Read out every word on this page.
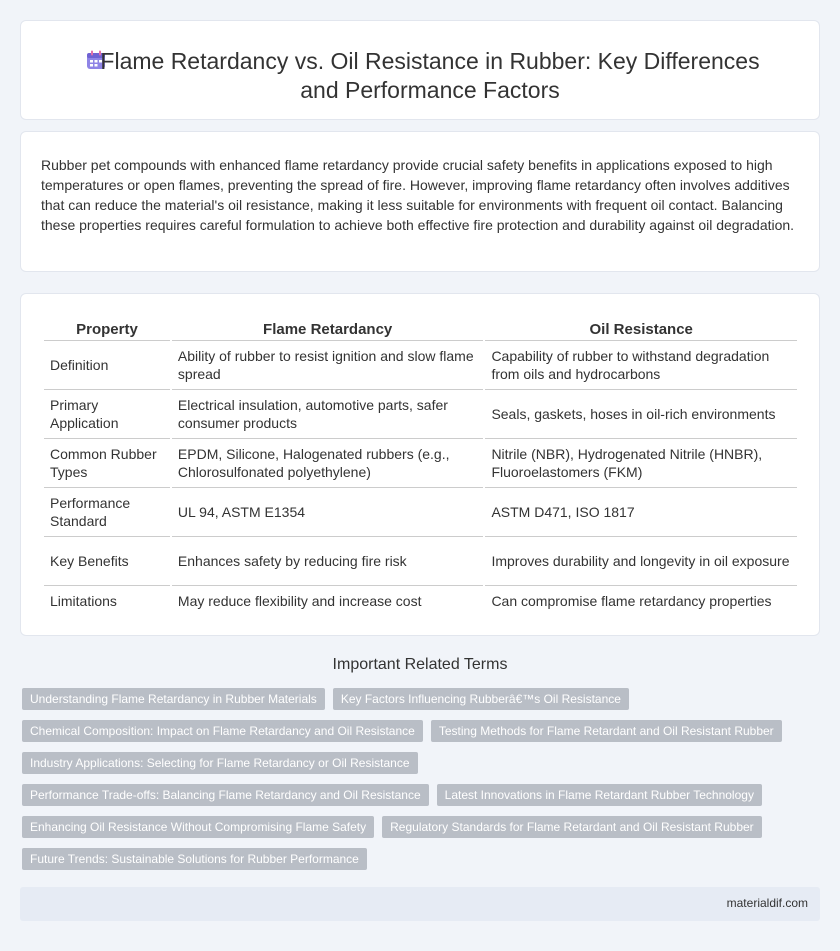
Flame Retardancy vs. Oil Resistance in Rubber: Key Differences and Performance Factors

Rubber pet compounds with enhanced flame retardancy provide crucial safety benefits in applications exposed to high temperatures or open flames, preventing the spread of fire. However, improving flame retardancy often involves additives that can reduce the material's oil resistance, making it less suitable for environments with frequent oil contact. Balancing these properties requires careful formulation to achieve both effective fire protection and durability against oil degradation.

Property	Flame Retardancy	Oil Resistance
Definition	Ability of rubber to resist ignition and slow flame spread	Capability of rubber to withstand degradation from oils and hydrocarbons
Primary Application	Electrical insulation, automotive parts, safer consumer products	Seals, gaskets, hoses in oil-rich environments
Common Rubber Types	EPDM, Silicone, Halogenated rubbers (e.g., Chlorosulfonated polyethylene)	Nitrile (NBR), Hydrogenated Nitrile (HNBR), Fluoroelastomers (FKM)
Performance Standard	UL 94, ASTM E1354	ASTM D471, ISO 1817
Key Benefits	Enhances safety by reducing fire risk	Improves durability and longevity in oil exposure
Limitations	May reduce flexibility and increase cost	Can compromise flame retardancy properties
Important Related Terms
Understanding Flame Retardancy in Rubber Materials	Key Factors Influencing Rubberâ€™s Oil Resistance
Chemical Composition: Impact on Flame Retardancy and Oil Resistance	Testing Methods for Flame Retardant and Oil Resistant Rubber
Industry Applications: Selecting for Flame Retardancy or Oil Resistance
Performance Trade-offs: Balancing Flame Retardancy and Oil Resistance	Latest Innovations in Flame Retardant Rubber Technology
Enhancing Oil Resistance Without Compromising Flame Safety	Regulatory Standards for Flame Retardant and Oil Resistant Rubber
Future Trends: Sustainable Solutions for Rubber Performance
materialdif.com
